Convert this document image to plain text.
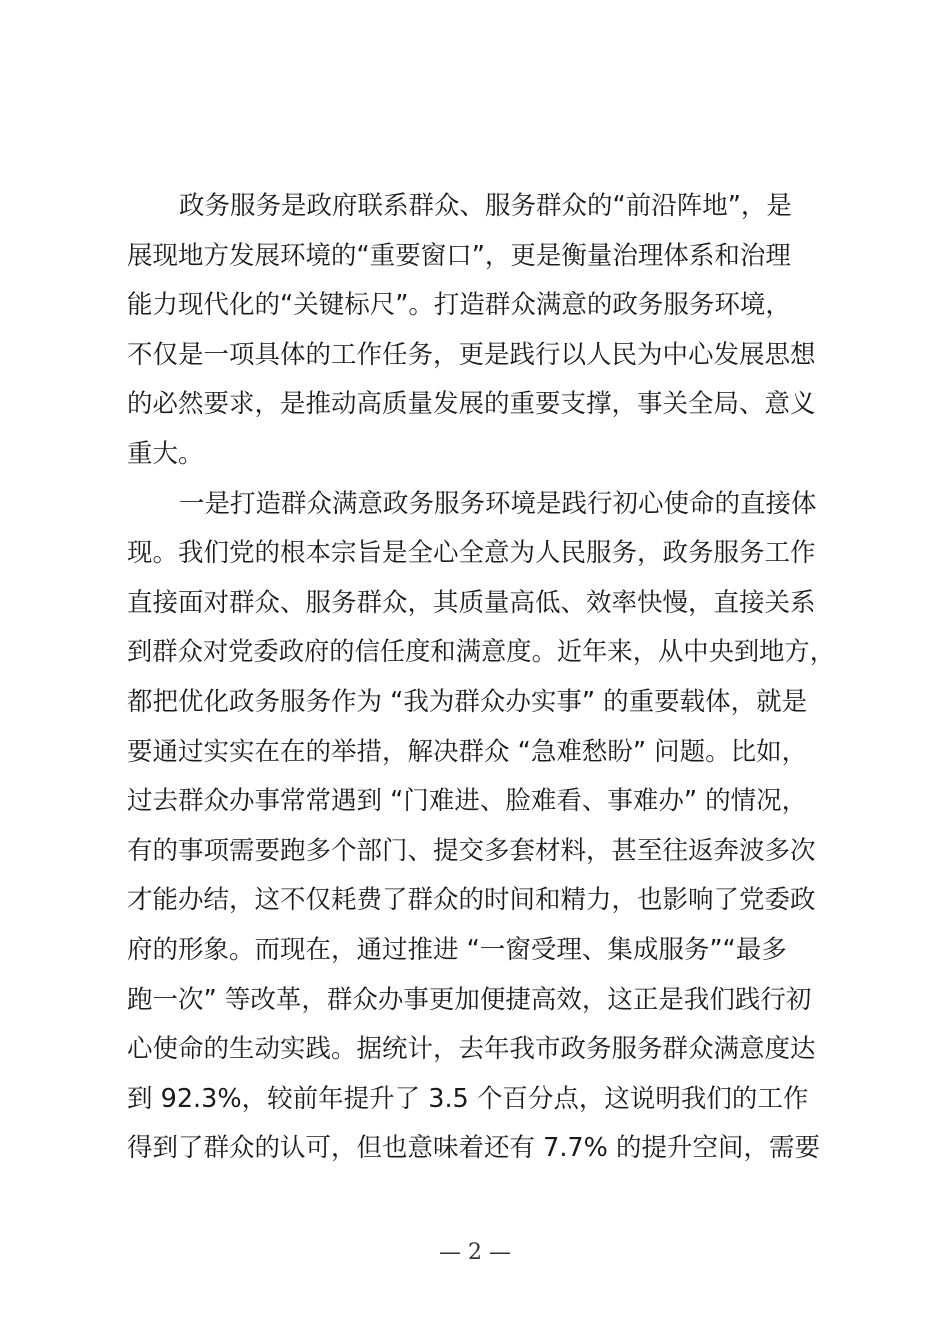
政务服务是政府联系群众、服务群众的“前沿阵地”，是
展现地方发展环境的“重要窗口”，更是衡量治理体系和治理
能力现代化的“关键标尺”。打造群众满意的政务服务环境，
不仅是一项具体的工作任务，更是践行以人民为中心发展思想
的必然要求，是推动高质量发展的重要支撑，事关全局、意义
重大。
一是打造群众满意政务服务环境是践行初心使命的直接体
现。我们党的根本宗旨是全心全意为人民服务，政务服务工作
直接面对群众、服务群众，其质量高低、效率快慢，直接关系
到群众对党委政府的信任度和满意度。近年来，从中央到地方，
都把优化政务服务作为 “我为群众办实事” 的重要载体，就是
要通过实实在在的举措，解决群众 “急难愁盼” 问题。比如，
过去群众办事常常遇到 “门难进、脸难看、事难办” 的情况，
有的事项需要跑多个部门、提交多套材料，甚至往返奔波多次
才能办结，这不仅耗费了群众的时间和精力，也影响了党委政
府的形象。而现在，通过推进 “一窗受理、集成服务”“最多
跑一次” 等改革，群众办事更加便捷高效，这正是我们践行初
心使命的生动实践。据统计，去年我市政务服务群众满意度达
到 92.3%，较前年提升了 3.5 个百分点，这说明我们的工作
得到了群众的认可，但也意味着还有 7.7% 的提升空间，需要
— 2 —
